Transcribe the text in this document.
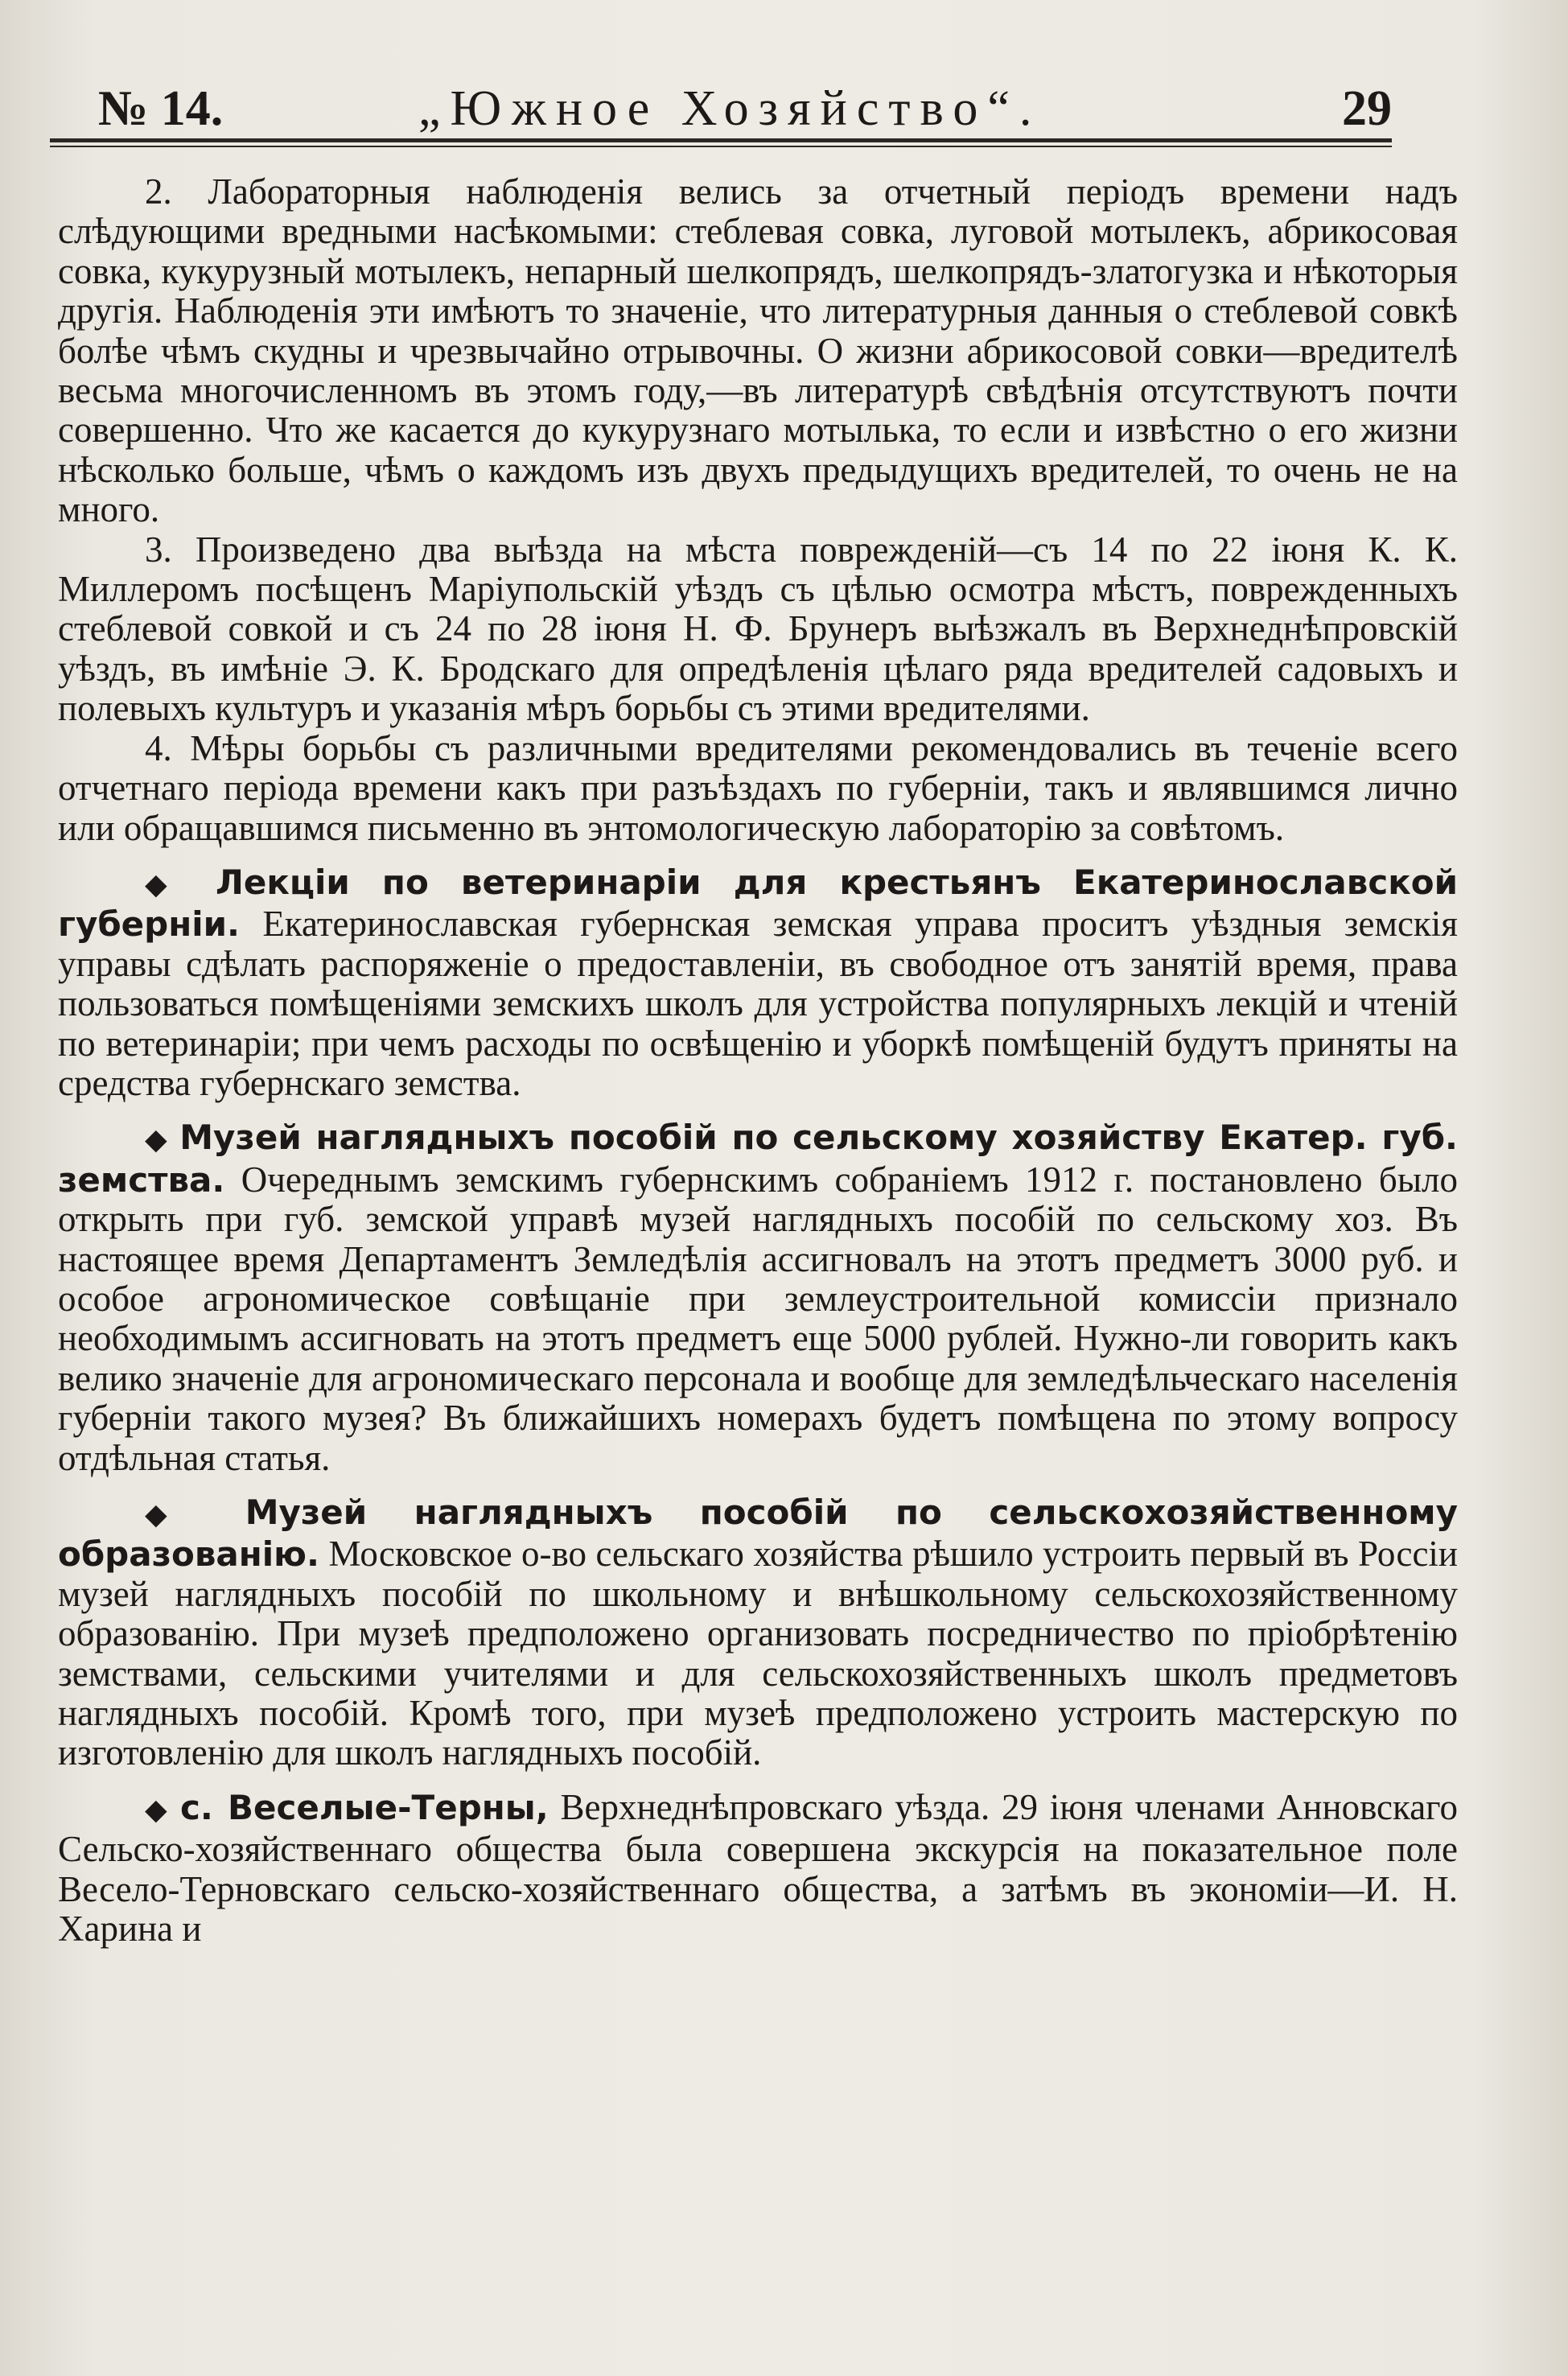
№ 14.	„Южное Хозяйство“.	29

2. Лабораторныя наблюденія велись за отчетный періодъ времени надъ слѣдующими вредными насѣкомыми: стеблевая совка, луговой мотылекъ, абрикосовая совка, кукурузный мотылекъ, непарный шелкопрядъ, шелкопрядъ-златогузка и нѣкоторыя другія. Наблюденія эти имѣютъ то значеніе, что литературныя данныя о стеблевой совкѣ болѣе чѣмъ скудны и чрезвычайно отрывочны. О жизни абрикосовой совки—вредителѣ весьма многочисленномъ въ этомъ году,—въ литературѣ свѣдѣнія отсутствуютъ почти совершенно. Что же касается до кукурузнаго мотылька, то если и извѣстно о его жизни нѣсколько больше, чѣмъ о каждомъ изъ двухъ предыдущихъ вредителей, то очень не на много.

3. Произведено два выѣзда на мѣста поврежденій—съ 14 по 22 іюня К. К. Миллеромъ посѣщенъ Маріупольскій уѣздъ съ цѣлью осмотра мѣстъ, поврежденныхъ стеблевой совкой и съ 24 по 28 іюня Н. Ф. Брунеръ выѣзжалъ въ Верхнеднѣпровскій уѣздъ, въ имѣніе Э. К. Бродскаго для опредѣленія цѣлаго ряда вредителей садовыхъ и полевыхъ культуръ и указанія мѣръ борьбы съ этими вредителями.

4. Мѣры борьбы съ различными вредителями рекомендовались въ теченіе всего отчетнаго періода времени какъ при разъѣздахъ по губерніи, такъ и являвшимся лично или обращавшимся письменно въ энтомологическую лабораторію за совѣтомъ.

◆ Лекціи по ветеринаріи для крестьянъ Екатеринославской губерніи. Екатеринославская губернская земская управа проситъ уѣздныя земскія управы сдѣлать распоряженіе о предоставленіи, въ свободное отъ занятій время, права пользоваться помѣщеніями земскихъ школъ для устройства популярныхъ лекцій и чтеній по ветеринаріи; при чемъ расходы по освѣщенію и уборкѣ помѣщеній будутъ приняты на средства губернскаго земства.

◆ Музей наглядныхъ пособій по сельскому хозяйству Екатер. губ. земства. Очереднымъ земскимъ губернскимъ собраніемъ 1912 г. постановлено было открыть при губ. земской управѣ музей наглядныхъ пособій по сельскому хоз. Въ настоящее время Департаментъ Земледѣлія ассигновалъ на этотъ предметъ 3000 руб. и особое агрономическое совѣщаніе при землеустроительной комиссіи признало необходимымъ ассигновать на этотъ предметъ еще 5000 рублей. Нужно-ли говорить какъ велико значеніе для агрономическаго персонала и вообще для земледѣльческаго населенія губерніи такого музея? Въ ближайшихъ номерахъ будетъ помѣщена по этому вопросу отдѣльная статья.

◆ Музей наглядныхъ пособій по сельскохозяйственному образованію. Московское о-во сельскаго хозяйства рѣшило устроить первый въ Россіи музей наглядныхъ пособій по школьному и внѣшкольному сельскохозяйственному образованію. При музеѣ предположено организовать посредничество по пріобрѣтенію земствами, сельскими учителями и для сельскохозяйственныхъ школъ предметовъ наглядныхъ пособій. Кромѣ того, при музеѣ предположено устроить мастерскую по изготовленію для школъ наглядныхъ пособій.

◆ с. Веселые-Терны, Верхнеднѣпровскаго уѣзда. 29 іюня членами Анновскаго Сельско-хозяйственнаго общества была совершена экскурсія на показательное поле Весело-Терновскаго сельско-хозяйственнаго общества, а затѣмъ въ экономіи—И. Н. Харина и
